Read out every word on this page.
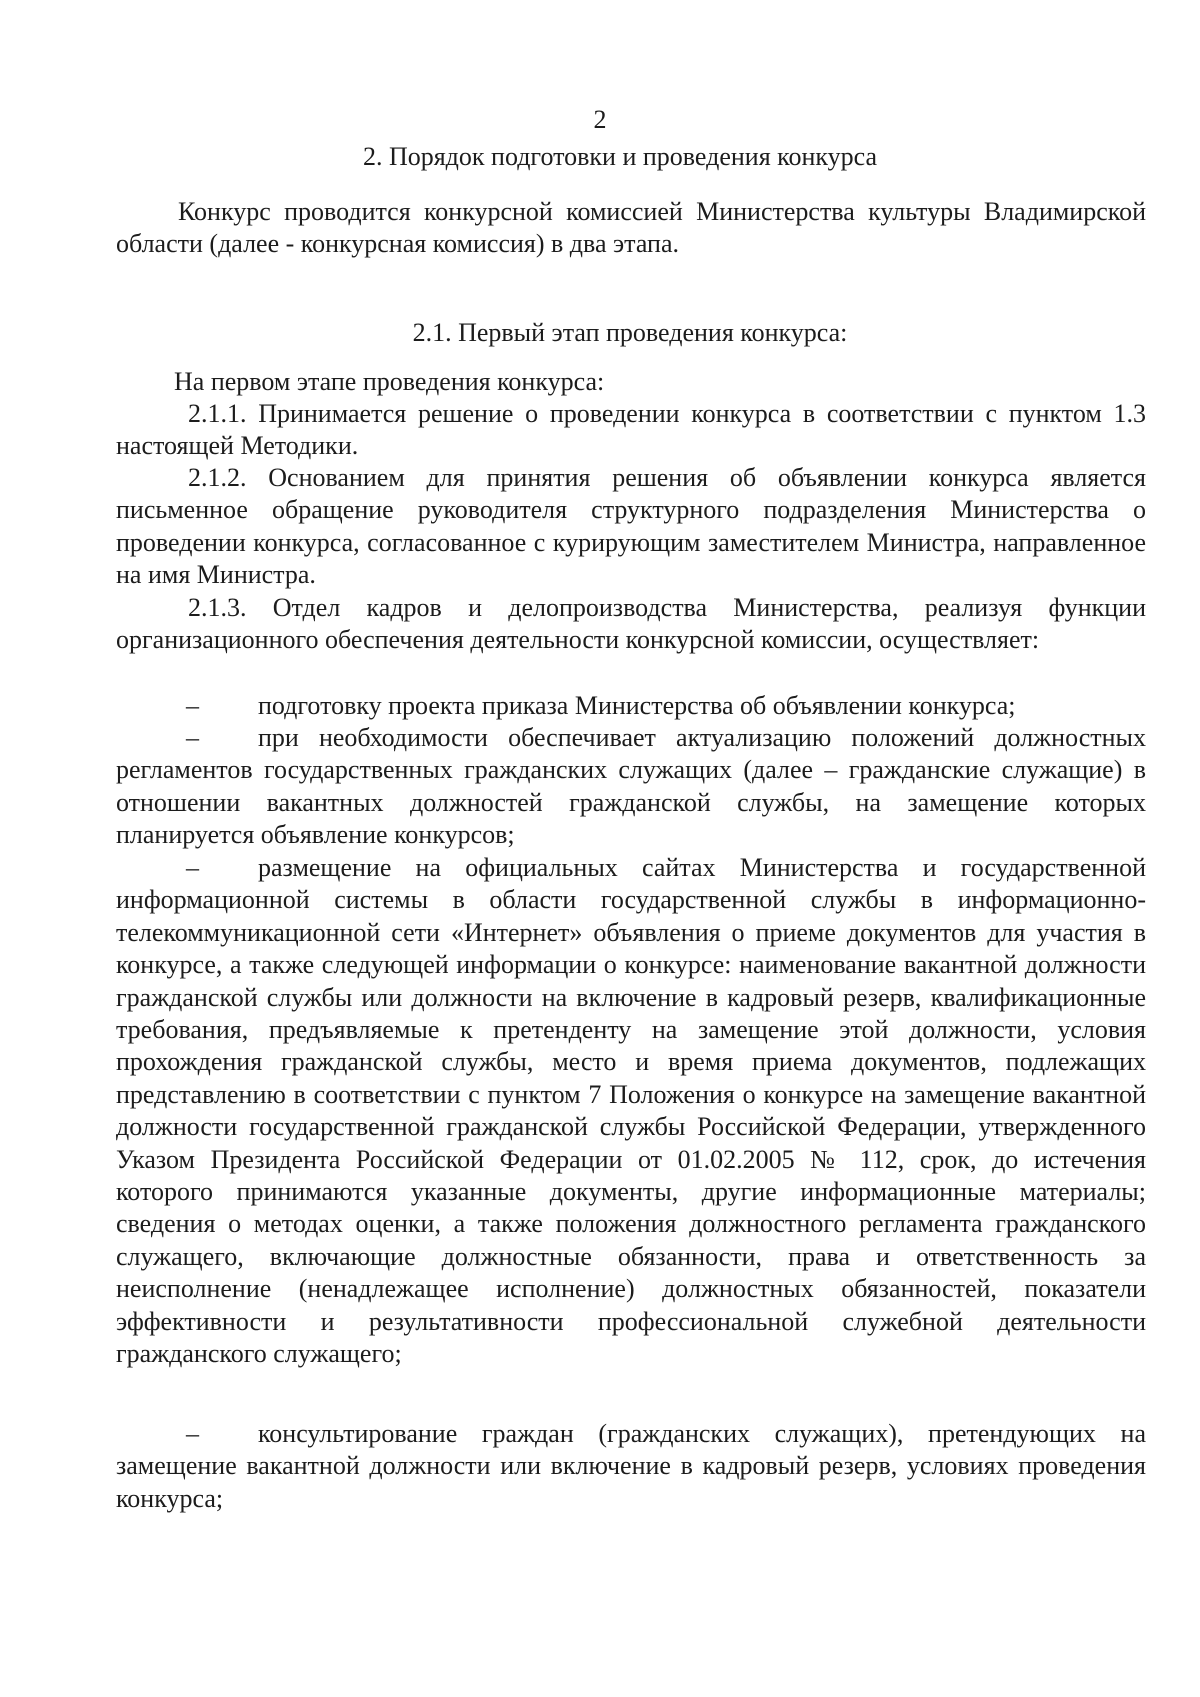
2
2. Порядок подготовки и проведения конкурса

Конкурс проводится конкурсной комиссией Министерства культуры Владимирской области (далее - конкурсная комиссия) в два этапа.

2.1. Первый этап проведения конкурса:

На первом этапе проведения конкурса:

2.1.1. Принимается решение о проведении конкурса в соответствии с пунктом 1.3 настоящей Методики.

2.1.2. Основанием для принятия решения об объявлении конкурса является письменное обращение руководителя структурного подразделения Министерства о проведении конкурса, согласованное с курирующим заместителем Министра, направленное на имя Министра.

2.1.3. Отдел кадров и делопроизводства Министерства, реализуя функции организационного обеспечения деятельности конкурсной комиссии, осуществляет:

– подготовку проекта приказа Министерства об объявлении конкурса;

– при необходимости обеспечивает актуализацию положений должностных регламентов государственных гражданских служащих (далее – гражданские служащие) в отношении вакантных должностей гражданской службы, на замещение которых планируется объявление конкурсов;

– размещение на официальных сайтах Министерства и государственной информационной системы в области государственной службы в информационно-телекоммуникационной сети «Интернет» объявления о приеме документов для участия в конкурсе, а также следующей информации о конкурсе: наименование вакантной должности гражданской службы или должности на включение в кадровый резерв, квалификационные требования, предъявляемые к претенденту на замещение этой должности, условия прохождения гражданской службы, место и время приема документов, подлежащих представлению в соответствии с пунктом 7 Положения о конкурсе на замещение вакантной должности государственной гражданской службы Российской Федерации, утвержденного Указом Президента Российской Федерации от 01.02.2005 № 112, срок, до истечения которого принимаются указанные документы, другие информационные материалы; сведения о методах оценки, а также положения должностного регламента гражданского служащего, включающие должностные обязанности, права и ответственность за неисполнение (ненадлежащее исполнение) должностных обязанностей, показатели эффективности и результативности профессиональной служебной деятельности гражданского служащего;

– консультирование граждан (гражданских служащих), претендующих на замещение вакантной должности или включение в кадровый резерв, условиях проведения конкурса;
